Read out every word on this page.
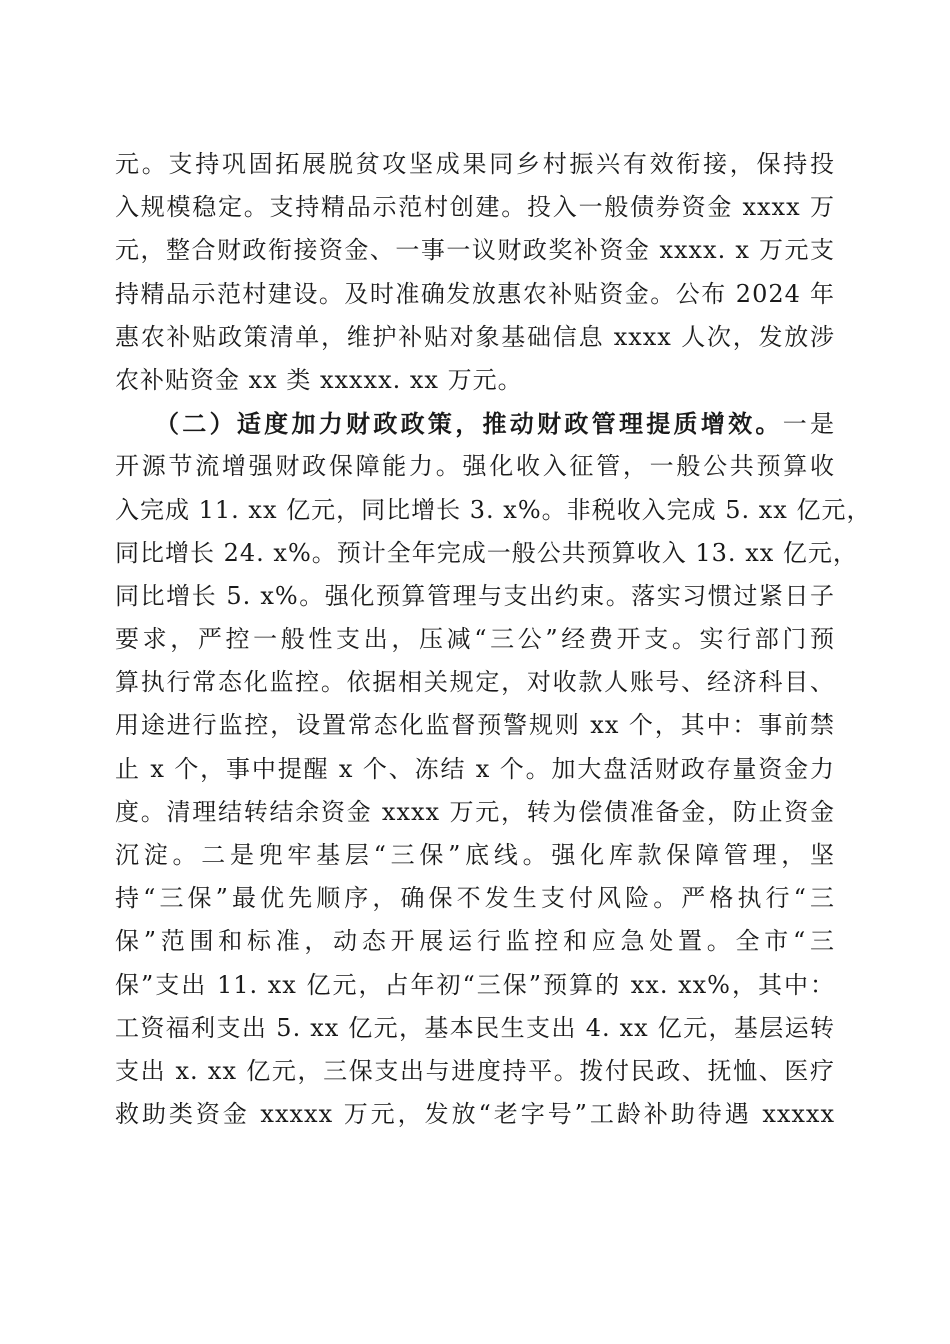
元。支持巩固拓展脱贫攻坚成果同乡村振兴有效衔接，保持投
入规模稳定。支持精品示范村创建。投入一般债券资金 xxxx 万
元，整合财政衔接资金、一事一议财政奖补资金 xxxx. x 万元支
持精品示范村建设。及时准确发放惠农补贴资金。公布 2024 年
惠农补贴政策清单，维护补贴对象基础信息 xxxx 人次，发放涉
农补贴资金 xx 类 xxxxx. xx 万元。
（二）适度加力财政政策，推动财政管理提质增效。一是
开源节流增强财政保障能力。强化收入征管，一般公共预算收
入完成 11. xx 亿元，同比增长 3. x%。非税收入完成 5. xx 亿元，
同比增长 24. x%。预计全年完成一般公共预算收入 13. xx 亿元，
同比增长 5. x%。强化预算管理与支出约束。落实习惯过紧日子
要求，严控一般性支出，压减“三公”经费开支。实行部门预
算执行常态化监控。依据相关规定，对收款人账号、经济科目、
用途进行监控，设置常态化监督预警规则 xx 个，其中：事前禁
止 x 个，事中提醒 x 个、冻结 x 个。加大盘活财政存量资金力
度。清理结转结余资金 xxxx 万元，转为偿债准备金，防止资金
沉淀。二是兜牢基层“三保”底线。强化库款保障管理，坚
持“三保”最优先顺序，确保不发生支付风险。严格执行“三
保”范围和标准，动态开展运行监控和应急处置。全市“三
保”支出 11. xx 亿元，占年初“三保”预算的 xx. xx%，其中：
工资福利支出 5. xx 亿元，基本民生支出 4. xx 亿元，基层运转
支出 x. xx 亿元，三保支出与进度持平。拨付民政、抚恤、医疗
救助类资金 xxxxx 万元，发放“老字号”工龄补助待遇 xxxxx
